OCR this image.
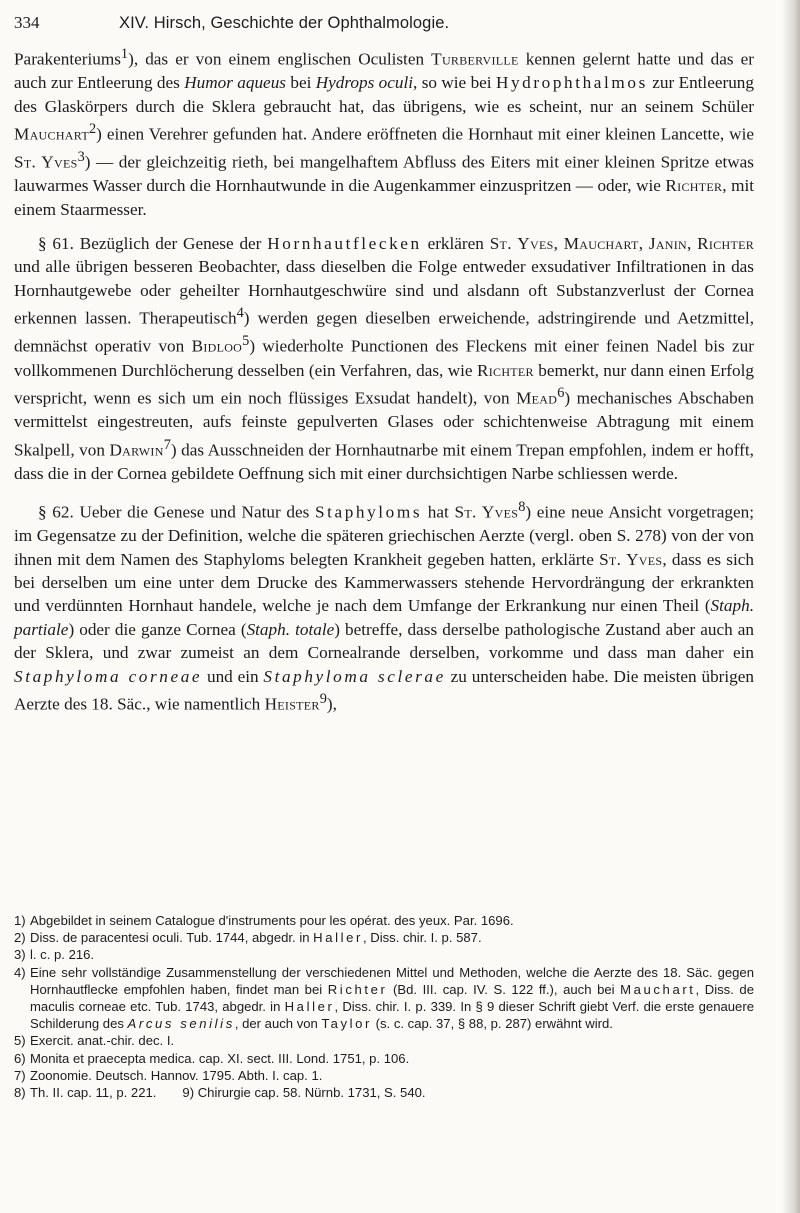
334	XIV. Hirsch, Geschichte der Ophthalmologie.

Parakenteriums$^1$), das er von einem englischen Oculisten Turberville kennen gelernt hatte und das er auch zur Entleerung des Humor aqueus bei Hydrops oculi, so wie bei Hydrophthalmos zur Entleerung des Glaskörpers durch die Sklera gebraucht hat, das übrigens, wie es scheint, nur an seinem Schüler Mauchart$^2$) einen Verehrer gefunden hat. Andere eröffneten die Hornhaut mit einer kleinen Lancette, wie St. Yves$^3$) — der gleichzeitig rieth, bei mangelhaftem Abfluss des Eiters mit einer kleinen Spritze etwas lauwarmes Wasser durch die Hornhautwunde in die Augenkammer einzuspritzen — oder, wie Richter, mit einem Staarmesser.

§ 61. Bezüglich der Genese der Hornhautflecken erklären St. Yves, Mauchart, Janin, Richter und alle übrigen besseren Beobachter, dass dieselben die Folge entweder exsudativer Infiltrationen in das Hornhautgewebe oder geheilter Hornhautgeschwüre sind und alsdann oft Substanzverlust der Cornea erkennen lassen. Therapeutisch$^4$) werden gegen dieselben erweichende, adstringirende und Aetzmittel, demnächst operativ von Bidloo$^5$) wiederholte Punctionen des Fleckens mit einer feinen Nadel bis zur vollkommenen Durchlöcherung desselben (ein Verfahren, das, wie Richter bemerkt, nur dann einen Erfolg verspricht, wenn es sich um ein noch flüssiges Exsudat handelt), von Mead$^6$) mechanisches Abschaben vermittelst eingestreuten, aufs feinste gepulverten Glases oder schichtenweise Abtragung mit einem Skalpell, von Darwin$^7$) das Ausschneiden der Hornhautnarbe mit einem Trepan empfohlen, indem er hofft, dass die in der Cornea gebildete Oeffnung sich mit einer durchsichtigen Narbe schliessen werde.

§ 62. Ueber die Genese und Natur des Staphyloms hat St. Yves$^8$) eine neue Ansicht vorgetragen; im Gegensatze zu der Definition, welche die späteren griechischen Aerzte (vergl. oben S. 278) von der von ihnen mit dem Namen des Staphyloms belegten Krankheit gegeben hatten, erklärte St. Yves, dass es sich bei derselben um eine unter dem Drucke des Kammerwassers stehende Hervordrängung der erkrankten und verdünnten Hornhaut handele, welche je nach dem Umfange der Erkrankung nur einen Theil (Staph. partiale) oder die ganze Cornea (Staph. totale) betreffe, dass derselbe pathologische Zustand aber auch an der Sklera, und zwar zumeist an dem Cornealrande derselben, vorkomme und dass man daher ein Staphyloma corneae und ein Staphyloma sclerae zu unterscheiden habe. Die meisten übrigen Aerzte des 18. Säc., wie namentlich Heister$^9$),

1) Abgebildet in seinem Catalogue d'instruments pour les opérat. des yeux. Par. 1696.
2) Diss. de paracentesi oculi. Tub. 1744, abgedr. in Haller, Diss. chir. I. p. 587.
3) l. c. p. 216.
4) Eine sehr vollständige Zusammenstellung der verschiedenen Mittel und Methoden, welche die Aerzte des 18. Säc. gegen Hornhautflecke empfohlen haben, findet man bei Richter (Bd. III. cap. IV. S. 122 ff.), auch bei Mauchart, Diss. de maculis corneae etc. Tub. 1743, abgedr. in Haller, Diss. chir. I. p. 339. In § 9 dieser Schrift giebt Verf. die erste genauere Schilderung des Arcus senilis, der auch von Taylor (s. c. cap. 37, § 88, p. 287) erwähnt wird.
5) Exercit. anat.-chir. dec. I.
6) Monita et praecepta medica. cap. XI. sect. III. Lond. 1751, p. 106.
7) Zoonomie. Deutsch. Hannov. 1795. Abth. I. cap. 1.
8) Th. II. cap. 11, p. 221. 9) Chirurgie cap. 58. Nürnb. 1731, S. 540.
